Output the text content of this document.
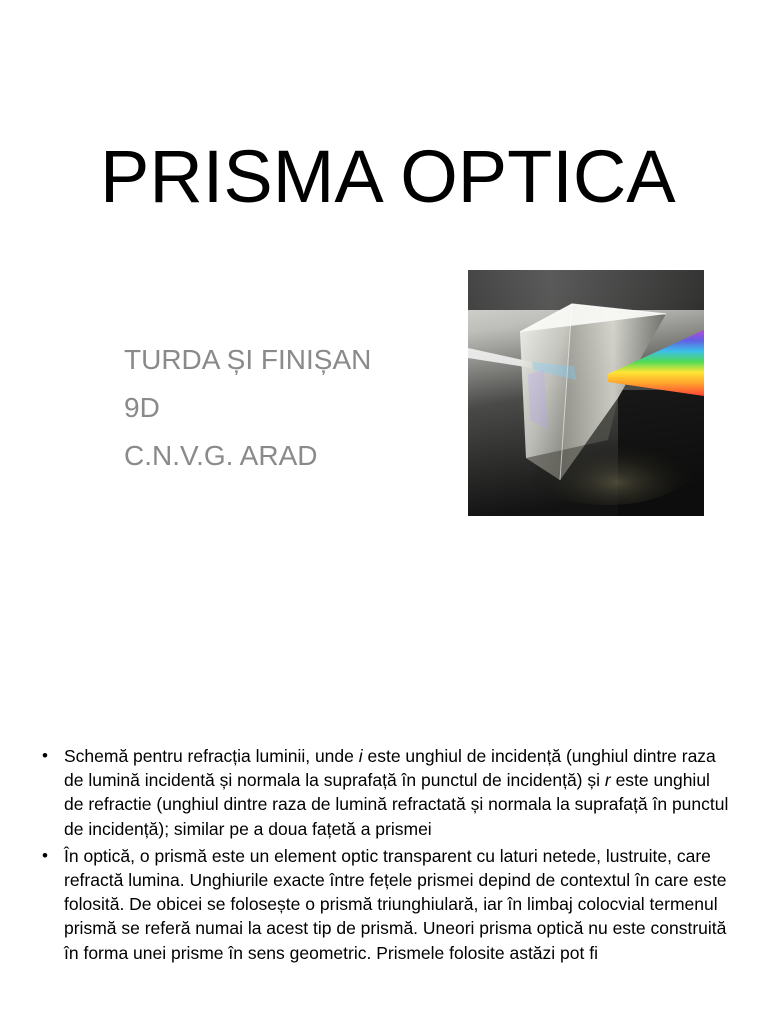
PRISMA OPTICA
TURDA ȘI FINIȘAN
9D
C.N.V.G. ARAD
• Schemă pentru refracția luminii, unde i este unghiul de incidență (unghiul dintre raza de lumină incidentă și normala la suprafață în punctul de incidență) și r este unghiul de refractie (unghiul dintre raza de lumină refractată și normala la suprafață în punctul de incidență); similar pe a doua fațetă a prismei

• În optică, o prismă este un element optic transparent cu laturi netede, lustruite, care refractă lumina. Unghiurile exacte între fețele prismei depind de contextul în care este folosită. De obicei se folosește o prismă triunghiulară, iar în limbaj colocvial termenul prismă se referă numai la acest tip de prismă. Uneori prisma optică nu este construită în forma unei prisme în sens geometric. Prismele folosite astăzi pot fi
